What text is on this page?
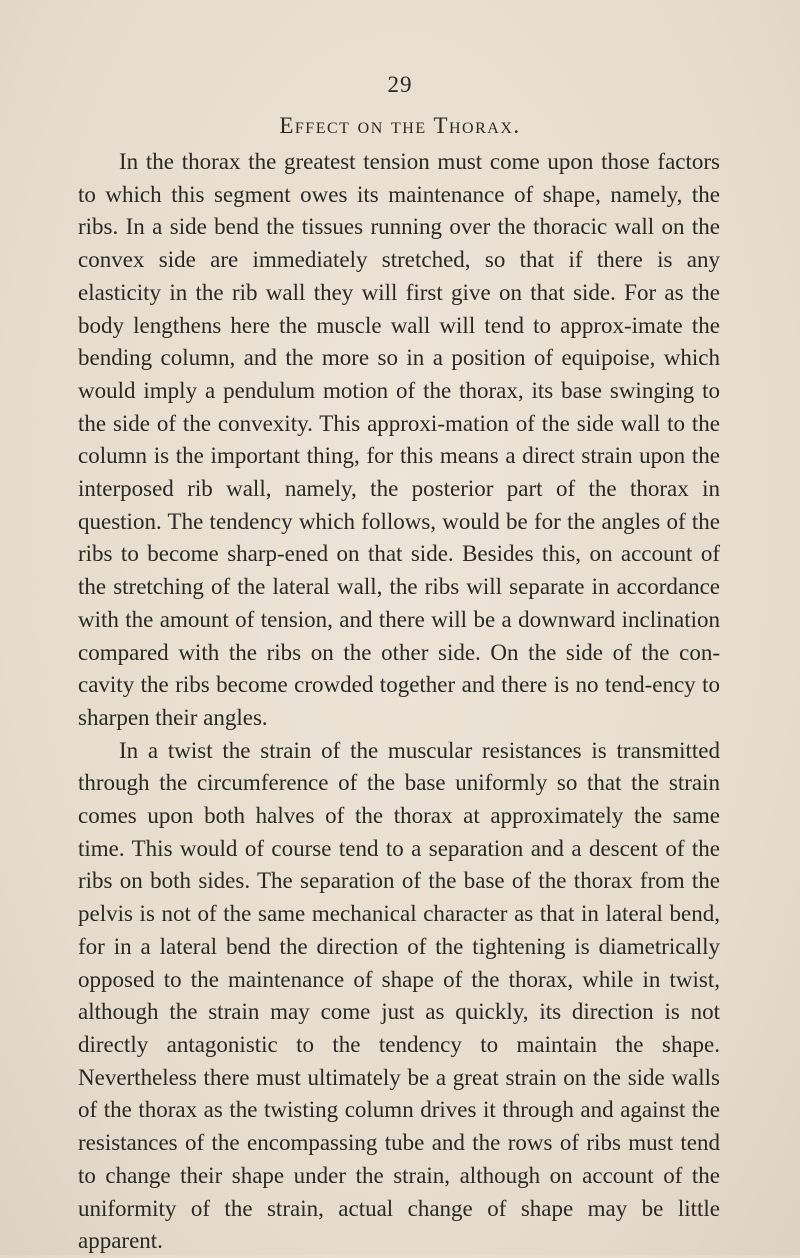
29
Effect on the Thorax.

In the thorax the greatest tension must come upon those factors to which this segment owes its maintenance of shape, namely, the ribs. In a side bend the tissues running over the thoracic wall on the convex side are immediately stretched, so that if there is any elasticity in the rib wall they will first give on that side. For as the body lengthens here the muscle wall will tend to approx-imate the bending column, and the more so in a position of equipoise, which would imply a pendulum motion of the thorax, its base swinging to the side of the convexity. This approxi-mation of the side wall to the column is the important thing, for this means a direct strain upon the interposed rib wall, namely, the posterior part of the thorax in question. The tendency which follows, would be for the angles of the ribs to become sharp-ened on that side. Besides this, on account of the stretching of the lateral wall, the ribs will separate in accordance with the amount of tension, and there will be a downward inclination compared with the ribs on the other side. On the side of the con-cavity the ribs become crowded together and there is no tend-ency to sharpen their angles.

In a twist the strain of the muscular resistances is transmitted through the circumference of the base uniformly so that the strain comes upon both halves of the thorax at approximately the same time. This would of course tend to a separation and a descent of the ribs on both sides. The separation of the base of the thorax from the pelvis is not of the same mechanical character as that in lateral bend, for in a lateral bend the direction of the tightening is diametrically opposed to the maintenance of shape of the thorax, while in twist, although the strain may come just as quickly, its direction is not directly antagonistic to the tendency to maintain the shape. Nevertheless there must ultimately be a great strain on the side walls of the thorax as the twisting column drives it through and against the resistances of the encompassing tube and the rows of ribs must tend to change their shape under the strain, although on account of the uniformity of the strain, actual change of shape may be little apparent.
